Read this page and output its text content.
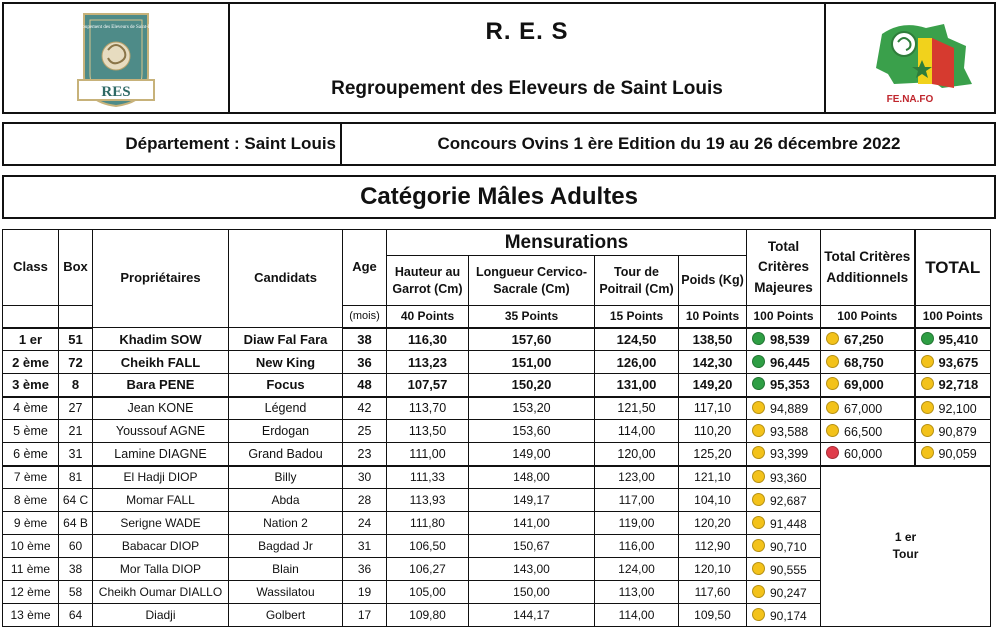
RES
Regroupement des Eleveurs de Saint-Louis	R. E. S
Regroupement des Eleveurs de Saint Louis
FE.NA.FO
Département : Saint Louis	Concours Ovins 1 ère Edition du 19 au 26 décembre 2022
Catégorie Mâles Adultes
Class	Box	Propriétaires	Candidats	Age	Mensurations				Total Critères Majeures	Total Critères Additionnels	TOTAL
					Hauteur au Garrot (Cm)	Longueur Cervico-Sacrale (Cm)	Tour de Poitrail (Cm)	Poids (Kg)			
				(mois)	40 Points	35 Points	15 Points	10 Points	100 Points	100 Points	100 Points
1 er	51	Khadim SOW	Diaw Fal Fara	38	116,30	157,60	124,50	138,50	98,539	67,250	95,410
2 ème	72	Cheikh FALL	New King	36	113,23	151,00	126,00	142,30	96,445	68,750	93,675
3 ème	8	Bara PENE	Focus	48	107,57	150,20	131,00	149,20	95,353	69,000	92,718
4 ème	27	Jean KONE	Légend	42	113,70	153,20	121,50	117,10	94,889	67,000	92,100
5 ème	21	Youssouf AGNE	Erdogan	25	113,50	153,60	114,00	110,20	93,588	66,500	90,879
6 ème	31	Lamine DIAGNE	Grand Badou	23	111,00	149,00	120,00	125,20	93,399	60,000	90,059
7 ème	81	El Hadji DIOP	Billy	30	111,33	148,00	123,00	121,10	93,360	1 er
Tour	

8 ème	64 C	Momar FALL	Abda	28	113,93	149,17	117,00	104,10	92,687		
9 ème	64 B	Serigne WADE	Nation 2	24	111,80	141,00	119,00	120,20	91,448		
10 ème	60	Babacar DIOP	Bagdad Jr	31	106,50	150,67	116,00	112,90	90,710		
11 ème	38	Mor Talla DIOP	Blain	36	106,27	143,00	124,00	120,10	90,555		
12 ème	58	Cheikh Oumar DIALLO	Wassilatou	19	105,00	150,00	113,00	117,60	90,247		
13 ème	64	Diadji	Golbert	17	109,80	144,17	114,00	109,50	90,174		
